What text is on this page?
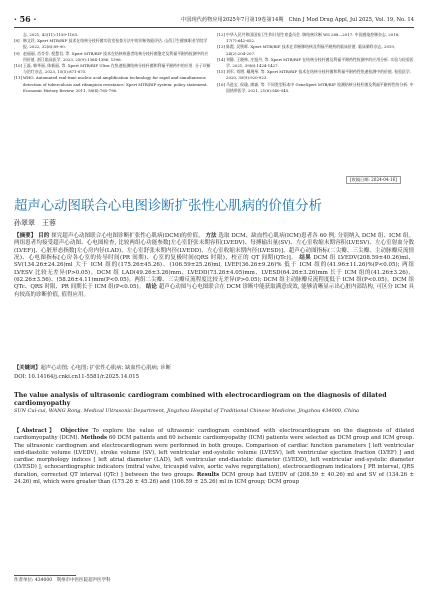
· 56 ·	中国现代药物应用2025年7月第19卷第14期　Chin J Mod Drug Appl, Jul 2025, Vol. 19, No. 14
志, 2021, 43(11):1159-1163.
[8] 韩文玲, Xpert MTB/RIF 技术在结核分枝杆菌实验室检查方法中的诊断效能评估. 山西卫生健康职业学院学报, 2022, 32(6):89-90.
[9] 赵丽丽, 肖苓苓, 倪慧君, 等. Xpert MTB/RIF 技术在结核病患者结核分枝杆菌鉴定及利福平耐药检测中的应用价值. 浙江临床医学, 2023, 25(9):1384-1386, 1396.
[10] 王磊, 韩华丽, 陈新丽, 等. Xpert MTB/RIF Ultra 在快速检测结核分枝杆菌和利福平耐药中的应用. 分子诊断与治疗杂志, 2023, 15(5):871-875.
[11] WHO. Automated real-time nucleic acid amplification technology for rapid and simultaneous detection of tuberculosis and rifampicin resistance: Xpert MTB/RIF system: policy statement. Economic History Review, 2011, 58(4):765-796.
[12] 中华人民共和国国家卫生和计划生育委员会. 肺结核诊断 WS 288—2017. 中国感染控制杂志, 2018, 17(7):642-652.
[13] 陈霞, 吴铁晖. Xpert MTB/RIF 技术在诊断肺结核及利福平耐药的临床价值. 临床肺科杂志, 2019, 24(2):204-207.
[14] 刘静, 王晓林, 庄旭丹, 等. Xpert MTB/RIF 在结核分枝杆菌及利福平耐药性检测中的应用分析. 实验与检验医学, 2021, 39(6):1424-1427.
[15] 刘军, 刘增, 戴琬琴, 等. Xpert MTB/RIF 技术在结核分枝杆菌和利福平耐药性快速检测中的价值. 检验医学, 2020, 35(9):920-923.
[16] 马进宝, 侯瑜, 廖森, 等. 不同类型标本中 GeneXpert MTB/RIF 检测结核分枝杆菌及利福平耐药性的分析. 中国热带医学, 2021, 21(6):540-545.
[收稿日期: 2024-04-16]
超声心动图联合心电图诊断扩张性心肌病的价值分析
孙翠翠　王蓉
【摘要】 目的 探究超声心动图联合心电图诊断扩张性心肌病(DCM)的价值。 方法 选取 DCM、缺血性心肌病(ICM)患者各 60 例, 分别纳入 DCM 组、ICM 组。两组患者均接受超声心动图、心电图检查, 比较两组心功能参数[左心室舒张末期容积(LVEDV)、每搏输出量(SV)、左心室收缩末期容积(LVESV)、左心室射血分数(LVEF)]、心脏形态指数[左心房内径(LAD)、左心室舒张末期内径(LVEDD)、左心室收缩末期内径(LVESD)]、超声心动图指标(二尖瓣、三尖瓣、主动脉瓣反流情况)、心电图指标[心房各心室的传导时间(PR 间期)、心室的复极时间(QRS 时限)、校正的 QT 间期(QTc)]。 结果 DCM 组 LVEDV(208.59±40.26)ml、SV(134.26±24.26)ml 大于 ICM 组的(175.26±45.26)、(106.59±25.26)ml, LVEF(36.26±9.26)% 低于 ICM 组的(41.96±11.26)%(P<0.05); 两组 LVESV 比较无差异(P>0.05)。DCM 组 LAD(49.26±3.26)mm、LVEDD(73.26±4.05)mm、LVESD(64.26±3.26)mm 长于 ICM 组的(41.26±3.26)、(62.26±3.56)、(58.26±4.11)mm(P<0.05)。两组二尖瓣、三尖瓣反流程度比较无差异(P>0.05); DCM 组主动脉瓣反流程度低于 ICM 组(P<0.05)。DCM 组 QTc、QRS 时限、PR 间期长于 ICM 组(P<0.05)。 结论 超声心动图与心电图联合在 DCM 诊断中能获取满意成效, 能够清晰显示出心脏内部结构, 可区分 ICM 具有较高的诊断价值, 值得应用。
【关键词】超声心动图; 心电图; 扩张性心肌病; 缺血性心肌病; 诊断
DOI: 10.14164/j.cnki.cn11-5581/r.2025.14.015
The value analysis of ultrasonic cardiogram combined with electrocardiogram on the diagnosis of dilated cardiomyopathy
SUN Cui-cui, WANG Rong. Medical Ultrasonic Department, Jingzhou Hospital of Traditional Chinese Medicine, Jingzhou 434000, China
【Abstract】 Objective To explore the value of ultrasonic cardiogram combined with electrocardiogram on the diagnosis of dilated cardiomyopathy (DCM). Methods 60 DCM patients and 60 ischemic cardiomyopathy (ICM) patients were selected as DCM group and ICM group. The ultrasonic cardiogram and electrocardiogram were performed in both groups. Comparison of cardiac function parameters [ left ventricular end-diastolic volume (LVEDV), stroke volume (SV), left ventricular end-systolic volume (LVESV), left ventricular ejection fraction (LVEF) ] and cardiac morphology indices [ left atrial diameter (LAD), left ventricular end-diastolic diameter (LVEDD), left ventricular end-systolic diameter (LVESD) ], echocardiographic indicators (mitral valve, tricuspid valve, aortic valve regurgitation), electrocardiogram indicators [ PR interval, QRS duration, corrected QT interval (QTc) ] between the two groups. Results DCM group had LVEDV of (208.59 ± 40.26) ml and SV of (134.26 ± 24.26) ml, which were greater than (175.26 ± 45.26) and (106.59 ± 25.26) ml in ICM group; DCM group
作者单位: 434000　荆州市中医医院超声医学科
